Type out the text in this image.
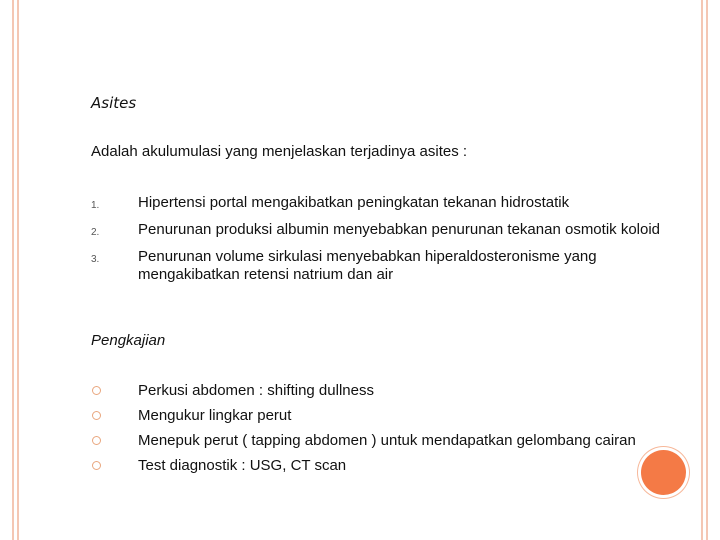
Asites
Adalah akulumulasi yang menjelaskan terjadinya asites :
1.	Hipertensi portal mengakibatkan peningkatan tekanan hidrostatik
2.	Penurunan produksi albumin menyebabkan penurunan tekanan osmotik koloid
3.	Penurunan volume sirkulasi menyebabkan hiperaldosteronisme yang mengakibatkan retensi natrium dan air
Pengkajian
Perkusi abdomen : shifting dullness
Mengukur lingkar perut
Menepuk perut ( tapping abdomen ) untuk mendapatkan gelombang cairan
Test diagnostik : USG, CT scan
